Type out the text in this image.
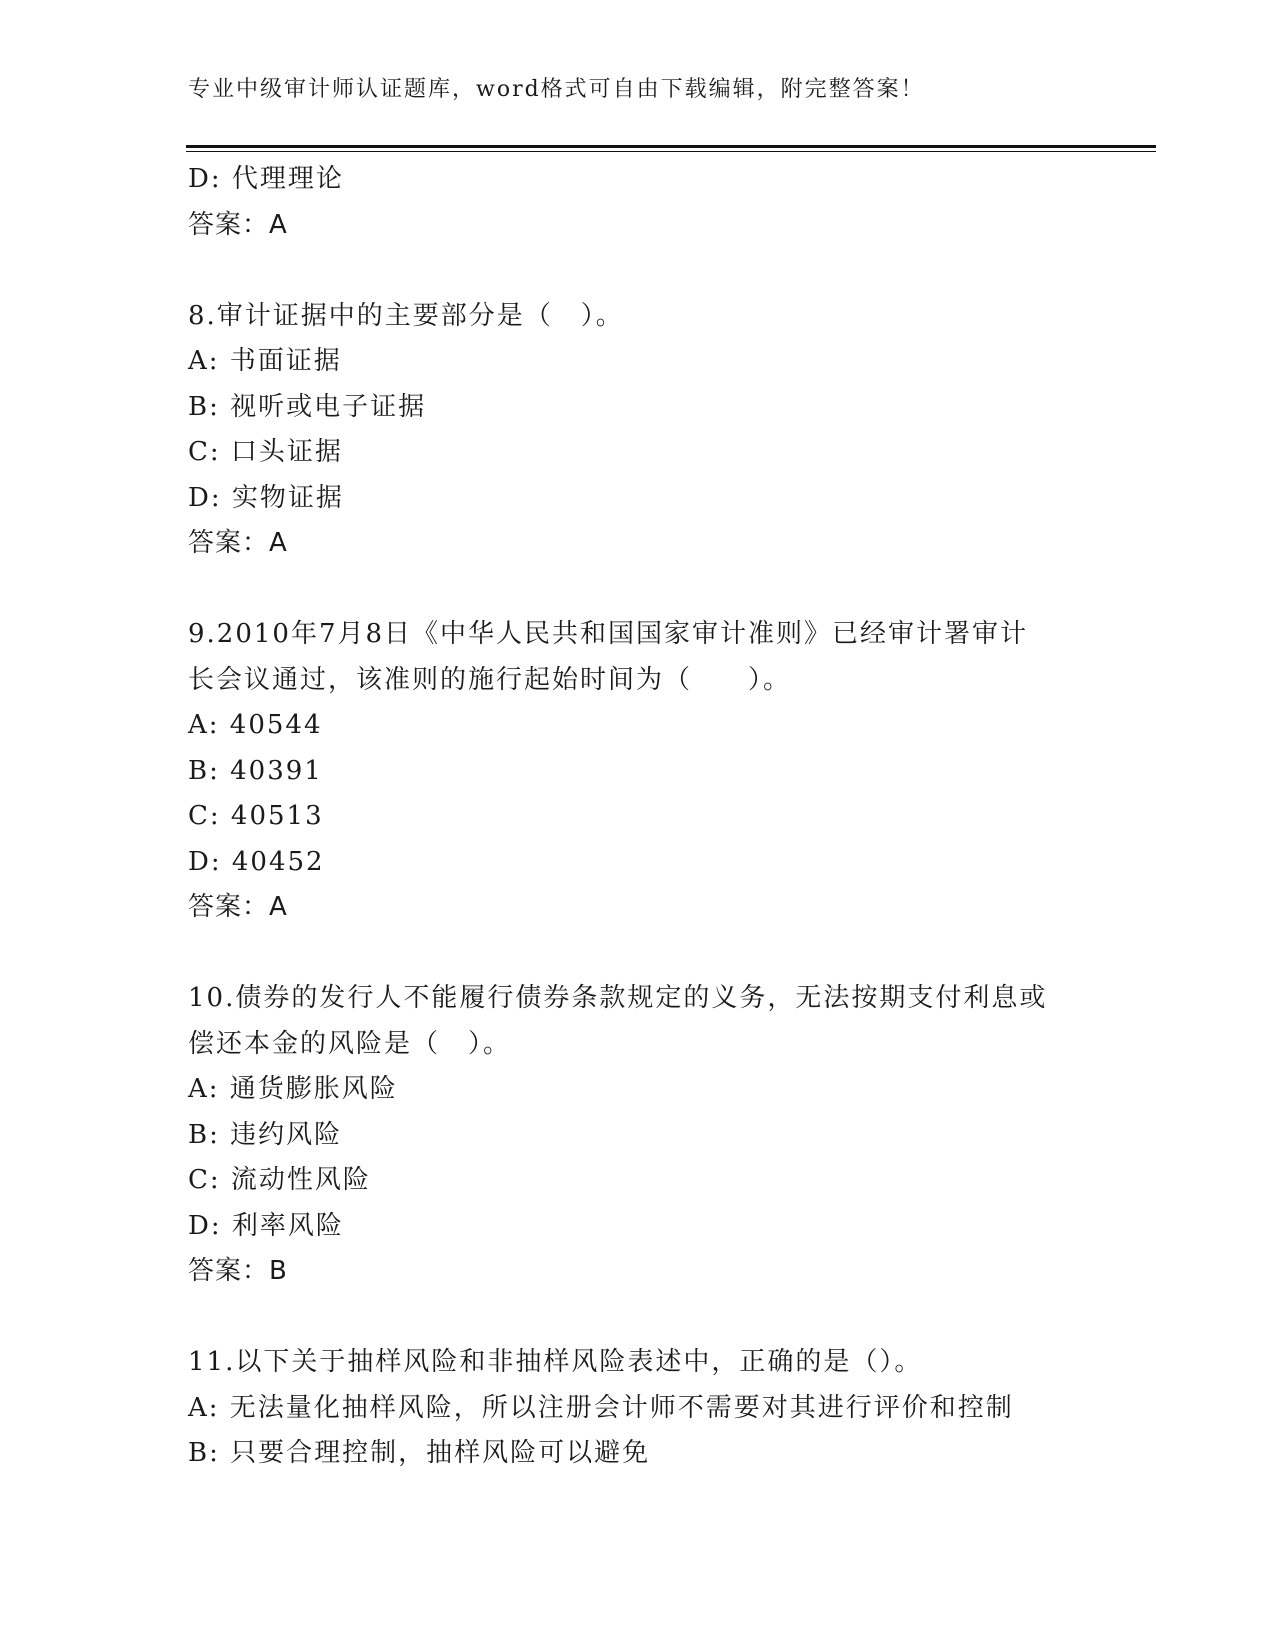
专业中级审计师认证题库，word格式可自由下载编辑，附完整答案！
D: 代理理论
答案：A
8.审计证据中的主要部分是（　）。
A: 书面证据
B: 视听或电子证据
C: 口头证据
D: 实物证据
答案：A
9.2010年7月8日《中华人民共和国国家审计准则》已经审计署审计
长会议通过，该准则的施行起始时间为（　　）。
A: 40544
B: 40391
C: 40513
D: 40452
答案：A
10.债券的发行人不能履行债券条款规定的义务，无法按期支付利息或
偿还本金的风险是（　）。
A: 通货膨胀风险
B: 违约风险
C: 流动性风险
D: 利率风险
答案：B
11.以下关于抽样风险和非抽样风险表述中，正确的是（）。
A: 无法量化抽样风险，所以注册会计师不需要对其进行评价和控制
B: 只要合理控制，抽样风险可以避免
